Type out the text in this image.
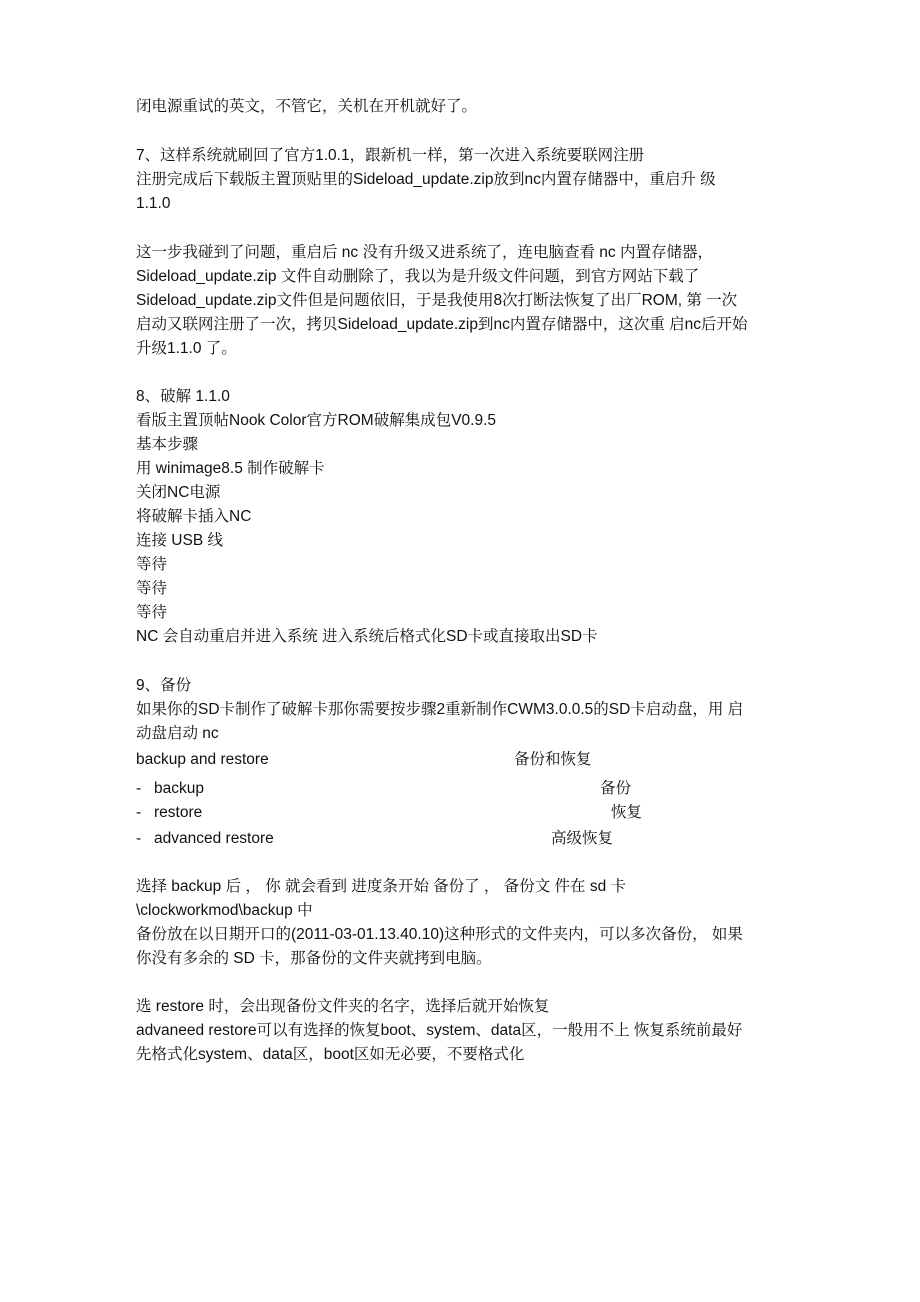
闭电源重试的英文，不管它，关机在开机就好了。
7、这样系统就刷回了官方1.0.1，跟新机一样，第一次进入系统要联网注册
注册完成后下载版主置顶贴里的Sideload_update.zip放到nc内置存储器中，重启升 级
1.1.0
这一步我碰到了问题，重启后 nc 没有升级又进系统了，连电脑查看 nc 内置存储器，
Sideload_update.zip 文件自动删除了，我以为是升级文件问题，到官方网站下载了
Sideload_update.zip文件但是问题依旧，于是我使用8次打断法恢复了出厂ROM, 第 一次
启动又联网注册了一次，拷贝Sideload_update.zip到nc内置存储器中，这次重 启nc后开始
升级1.1.0 了。
8、破解 1.1.0
看版主置顶帖Nook Color官方ROM破解集成包V0.9.5
基本步骤
用 winimage8.5 制作破解卡
关闭NC电源
将破解卡插入NC
连接 USB 线
等待
等待
等待
NC 会自动重启并进入系统 进入系统后格式化SD卡或直接取出SD卡
9、备份
如果你的SD卡制作了破解卡那你需要按步骤2重新制作CWM3.0.0.5的SD卡启动盘，用 启
动盘启动 nc
backup and restore	备份和恢复
- backup	备份
- restore	恢复
- advanced restore	高级恢复
选择 backup 后 ， 你 就会看到 进度条开始 备份了 ， 备份文 件在 sd 卡
\clockworkmod\backup 中
备份放在以日期开口的(2011-03-01.13.40.10)这种形式的文件夹内，可以多次备份， 如果
你没有多余的 SD 卡，那备份的文件夹就拷到电脑。
选 restore 时，会出现备份文件夹的名字，选择后就开始恢复
advaneed restore可以有选择的恢复boot、system、data区，一般用不上 恢复系统前最好
先格式化system、data区，boot区如无必要，不要格式化
